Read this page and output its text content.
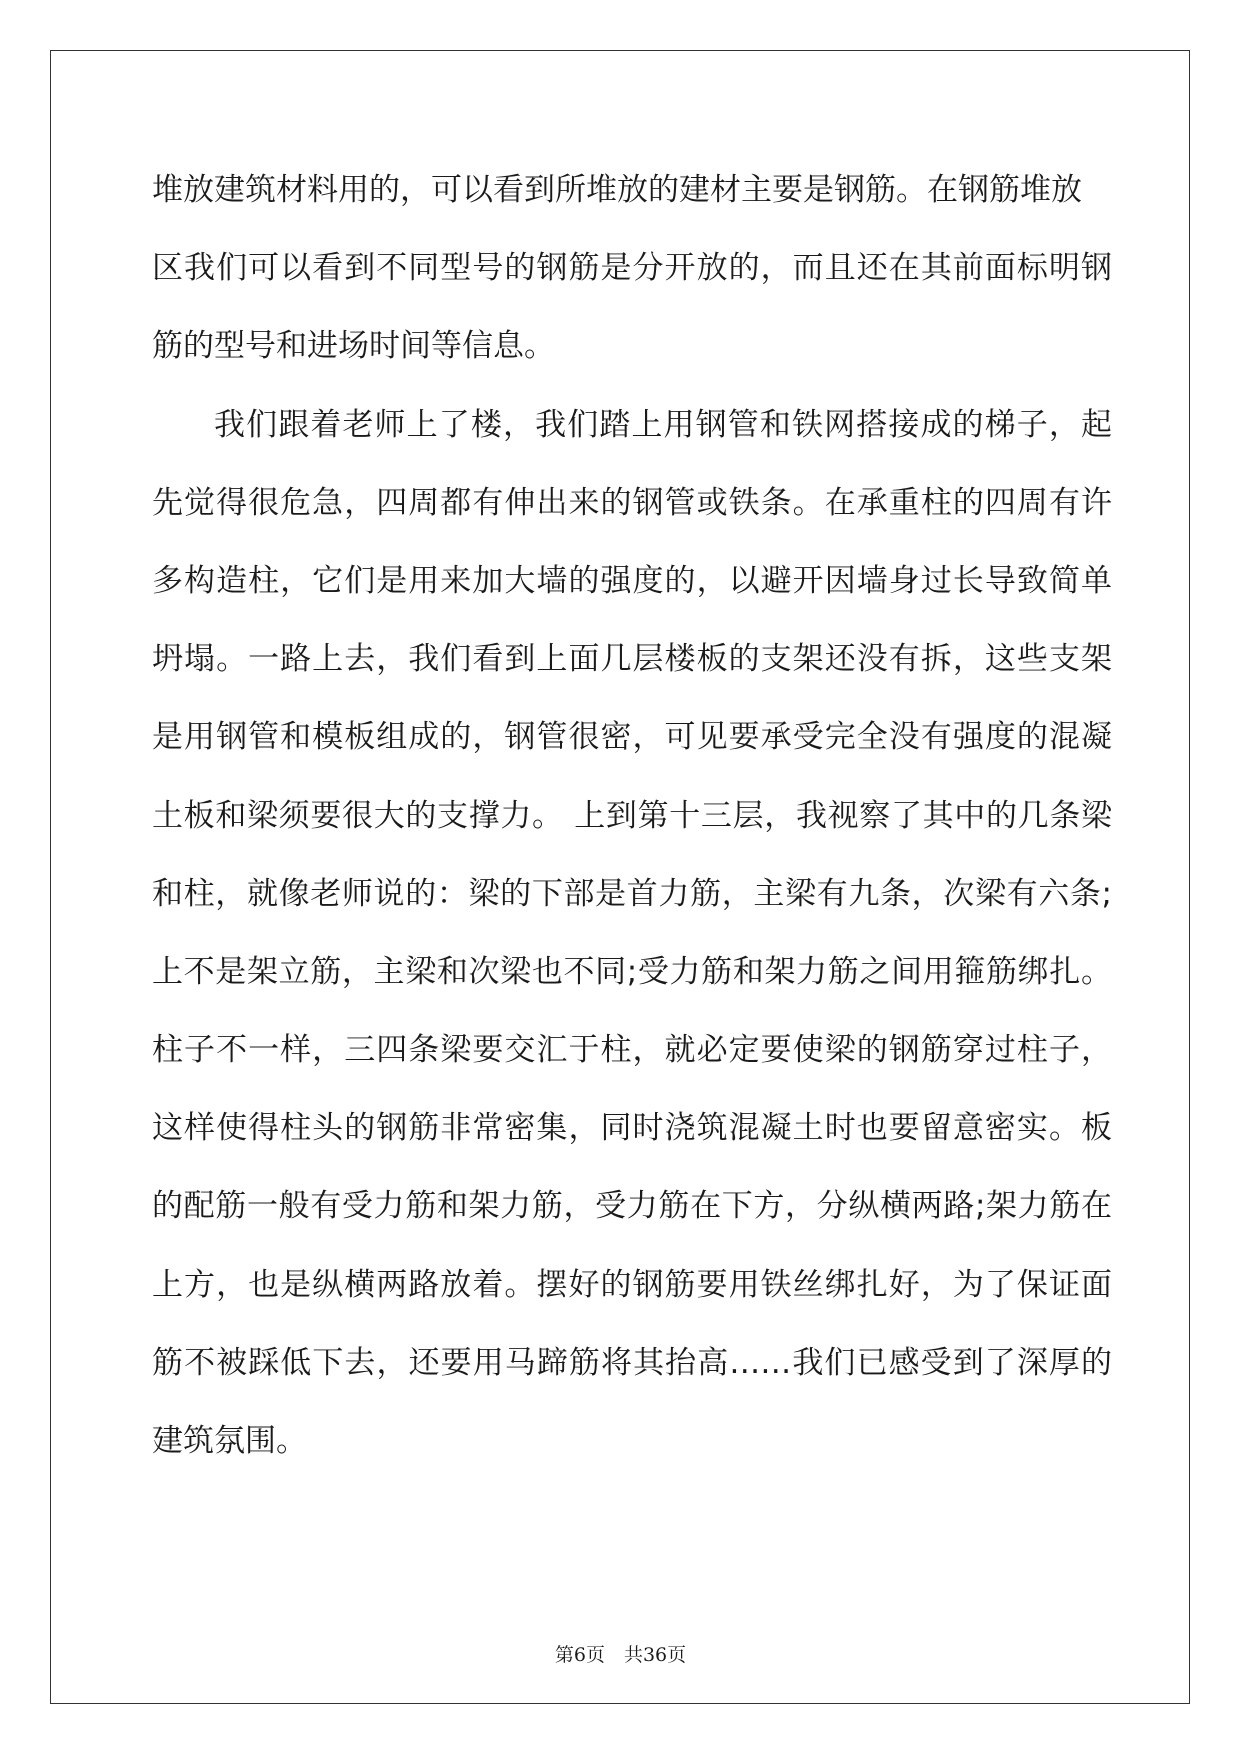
堆放建筑材料用的，可以看到所堆放的建材主要是钢筋。在钢筋堆放
区我们可以看到不同型号的钢筋是分开放的，而且还在其前面标明钢
筋的型号和进场时间等信息。
我们跟着老师上了楼，我们踏上用钢管和铁网搭接成的梯子，起
先觉得很危急，四周都有伸出来的钢管或铁条。在承重柱的四周有许
多构造柱，它们是用来加大墙的强度的，以避开因墙身过长导致简单
坍塌。一路上去，我们看到上面几层楼板的支架还没有拆，这些支架
是用钢管和模板组成的，钢管很密，可见要承受完全没有强度的混凝
土板和梁须要很大的支撑力。 上到第十三层，我视察了其中的几条梁
和柱，就像老师说的：梁的下部是首力筋，主梁有九条，次梁有六条;
上不是架立筋，主梁和次梁也不同;受力筋和架力筋之间用箍筋绑扎。
柱子不一样，三四条梁要交汇于柱，就必定要使梁的钢筋穿过柱子，
这样使得柱头的钢筋非常密集，同时浇筑混凝土时也要留意密实。板
的配筋一般有受力筋和架力筋，受力筋在下方，分纵横两路;架力筋在
上方，也是纵横两路放着。摆好的钢筋要用铁丝绑扎好，为了保证面
筋不被踩低下去，还要用马蹄筋将其抬高……我们已感受到了深厚的
建筑氛围。
第6页　共36页
